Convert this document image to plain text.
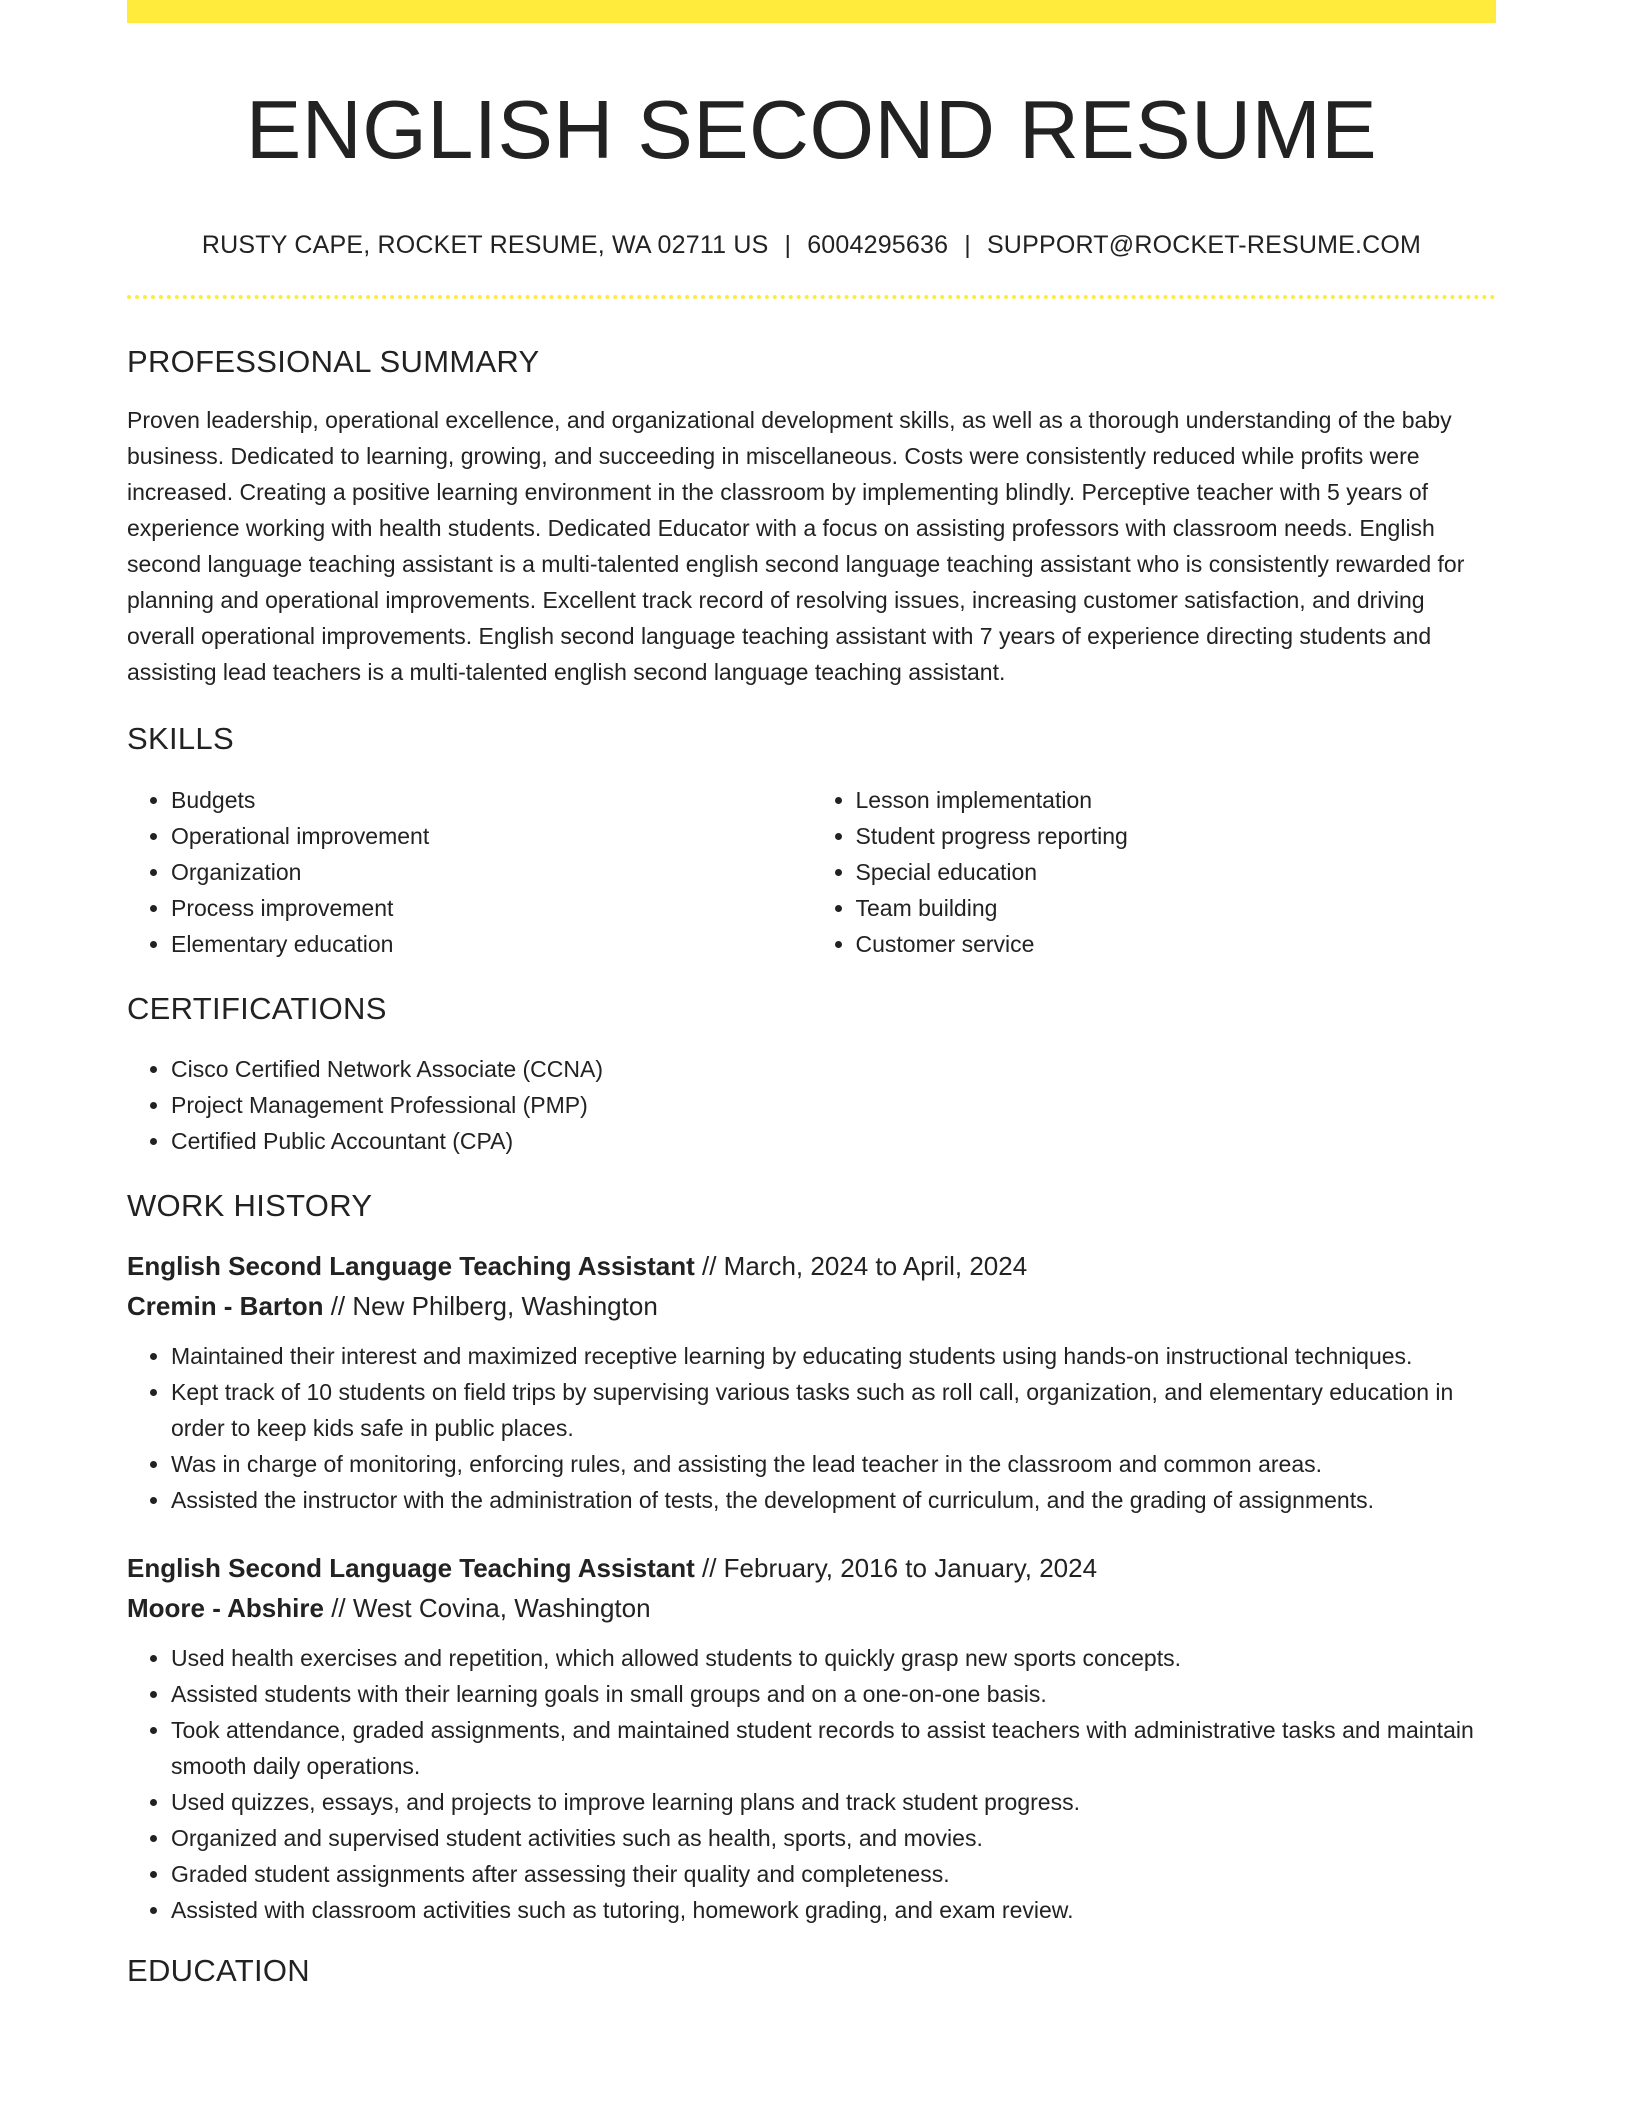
ENGLISH SECOND RESUME
RUSTY CAPE, ROCKET RESUME, WA 02711 US | 6004295636 | SUPPORT@ROCKET-RESUME.COM
PROFESSIONAL SUMMARY

Proven leadership, operational excellence, and organizational development skills, as well as a thorough understanding of the baby business. Dedicated to learning, growing, and succeeding in miscellaneous. Costs were consistently reduced while profits were increased. Creating a positive learning environment in the classroom by implementing blindly. Perceptive teacher with 5 years of experience working with health students. Dedicated Educator with a focus on assisting professors with classroom needs. English second language teaching assistant is a multi-talented english second language teaching assistant who is consistently rewarded for planning and operational improvements. Excellent track record of resolving issues, increasing customer satisfaction, and driving overall operational improvements. English second language teaching assistant with 7 years of experience directing students and assisting lead teachers is a multi-talented english second language teaching assistant.

SKILLS
• Budgets
• Operational improvement
• Organization
• Process improvement
• Elementary education
• Lesson implementation
• Student progress reporting
• Special education
• Team building
• Customer service
CERTIFICATIONS
• Cisco Certified Network Associate (CCNA)
• Project Management Professional (PMP)
• Certified Public Accountant (CPA)
WORK HISTORY
English Second Language Teaching Assistant // March, 2024 to April, 2024
Cremin - Barton // New Philberg, Washington
• Maintained their interest and maximized receptive learning by educating students using hands-on instructional techniques.
• Kept track of 10 students on field trips by supervising various tasks such as roll call, organization, and elementary education in order to keep kids safe in public places.
• Was in charge of monitoring, enforcing rules, and assisting the lead teacher in the classroom and common areas.
• Assisted the instructor with the administration of tests, the development of curriculum, and the grading of assignments.
English Second Language Teaching Assistant // February, 2016 to January, 2024
Moore - Abshire // West Covina, Washington
• Used health exercises and repetition, which allowed students to quickly grasp new sports concepts.
• Assisted students with their learning goals in small groups and on a one-on-one basis.
• Took attendance, graded assignments, and maintained student records to assist teachers with administrative tasks and maintain smooth daily operations.
• Used quizzes, essays, and projects to improve learning plans and track student progress.
• Organized and supervised student activities such as health, sports, and movies.
• Graded student assignments after assessing their quality and completeness.
• Assisted with classroom activities such as tutoring, homework grading, and exam review.
EDUCATION
